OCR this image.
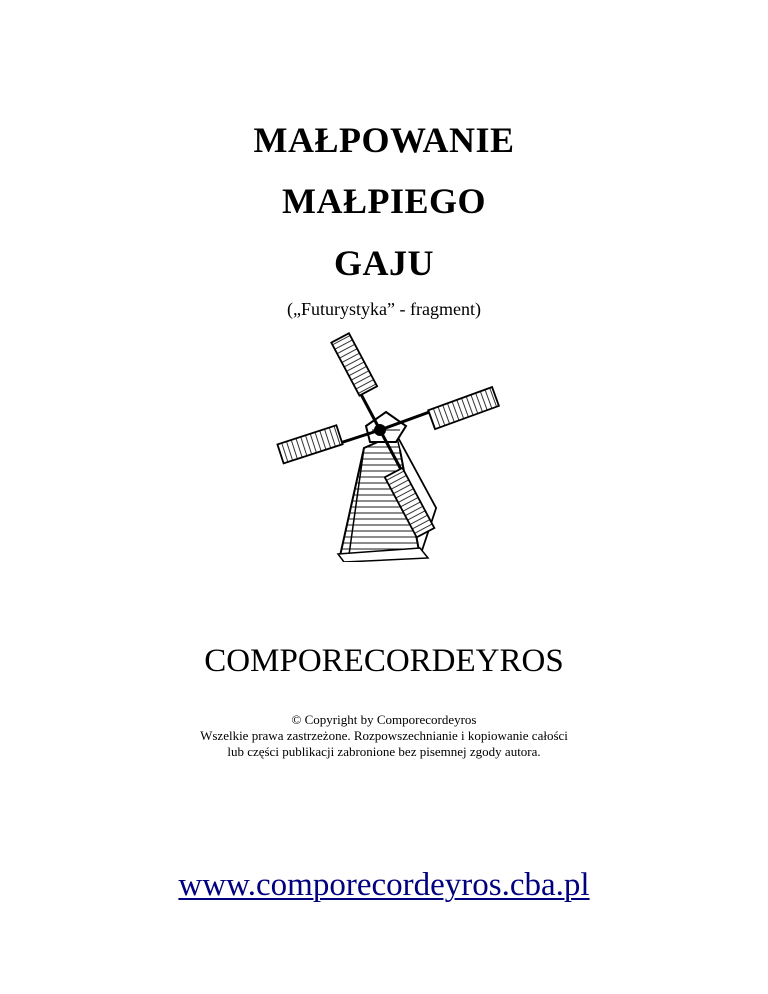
MAŁPOWANIE
MAŁPIEGO
GAJU
(„Futurystyka” - fragment)
COMPORECORDEYROS
© Copyright by Comporecordeyros
Wszelkie prawa zastrzeżone. Rozpowszechnianie i kopiowanie całości
lub części publikacji zabronione bez pisemnej zgody autora.
www.comporecordeyros.cba.pl
